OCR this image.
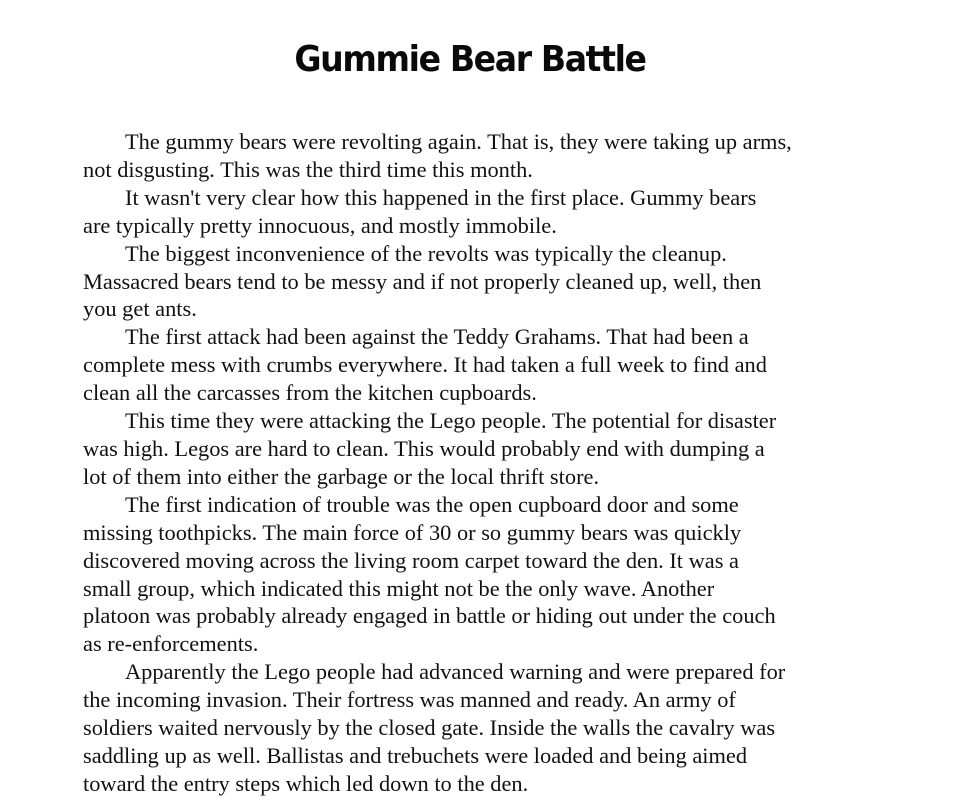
Gummie Bear Battle

The gummy bears were revolting again. That is, they were taking up arms,
not disgusting. This was the third time this month.

It wasn't very clear how this happened in the first place. Gummy bears
are typically pretty innocuous, and mostly immobile.

The biggest inconvenience of the revolts was typically the cleanup.
Massacred bears tend to be messy and if not properly cleaned up, well, then
you get ants.

The first attack had been against the Teddy Grahams. That had been a
complete mess with crumbs everywhere. It had taken a full week to find and
clean all the carcasses from the kitchen cupboards.

This time they were attacking the Lego people. The potential for disaster
was high. Legos are hard to clean. This would probably end with dumping a
lot of them into either the garbage or the local thrift store.

The first indication of trouble was the open cupboard door and some
missing toothpicks. The main force of 30 or so gummy bears was quickly
discovered moving across the living room carpet toward the den. It was a
small group, which indicated this might not be the only wave. Another
platoon was probably already engaged in battle or hiding out under the couch
as re-enforcements.

Apparently the Lego people had advanced warning and were prepared for
the incoming invasion. Their fortress was manned and ready. An army of
soldiers waited nervously by the closed gate. Inside the walls the cavalry was
saddling up as well. Ballistas and trebuchets were loaded and being aimed
toward the entry steps which led down to the den.
